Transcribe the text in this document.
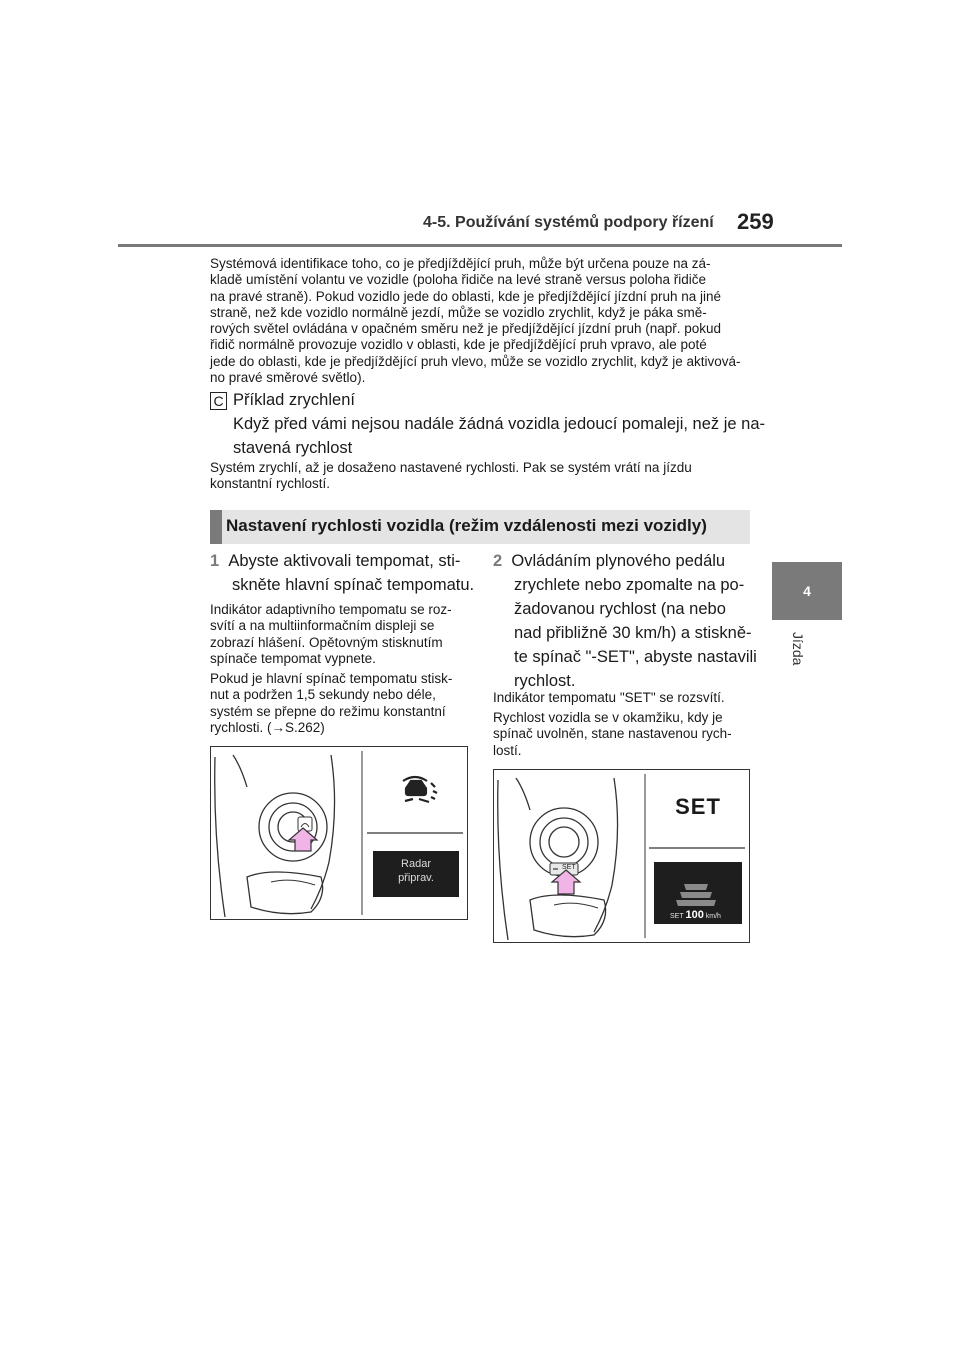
4-5. Používání systémů podpory řízení 259
4
Jízda
Systémová identifikace toho, co je předjíždějící pruh, může být určena pouze na zá-
kladě umístění volantu ve vozidle (poloha řidiče na levé straně versus poloha řidiče
na pravé straně). Pokud vozidlo jede do oblasti, kde je předjíždějící jízdní pruh na jiné
straně, než kde vozidlo normálně jezdí, může se vozidlo zrychlit, když je páka smě-
rových světel ovládána v opačném směru než je předjíždějící jízdní pruh (např. pokud
řidič normálně provozuje vozidlo v oblasti, kde je předjíždějící pruh vpravo, ale poté
jede do oblasti, kde je předjíždějící pruh vlevo, může se vozidlo zrychlit, když je aktivová-
no pravé směrové světlo).
C Příklad zrychlení
Když před vámi nejsou nadále žádná vozidla jedoucí pomaleji, než je na-
stavená rychlost
Systém zrychlí, až je dosaženo nastavené rychlosti. Pak se systém vrátí na jízdu
konstantní rychlostí.
Nastavení rychlosti vozidla (režim vzdálenosti mezi vozidly)
1 Abyste aktivovali tempomat, sti-
skněte hlavní spínač tempomatu.
Indikátor adaptivního tempomatu se roz-
svítí a na multiinformačním displeji se
zobrazí hlášení. Opětovným stisknutím
spínače tempomat vypnete.
Pokud je hlavní spínač tempomatu stisk-
nut a podržen 1,5 sekundy nebo déle,
systém se přepne do režimu konstantní
rychlosti. (→S.262)
2 Ovládáním plynového pedálu
zrychlete nebo zpomalte na po-
žadovanou rychlost (na nebo
nad přibližně 30 km/h) a stiskně-
te spínač "-SET", abyste nastavili
rychlost.
Indikátor tempomatu "SET" se rozsvítí.
Rychlost vozidla se v okamžiku, kdy je
spínač uvolněn, stane nastavenou rych-
lostí.
Radar
připrav.
SET
SET
SET 100 km/h
